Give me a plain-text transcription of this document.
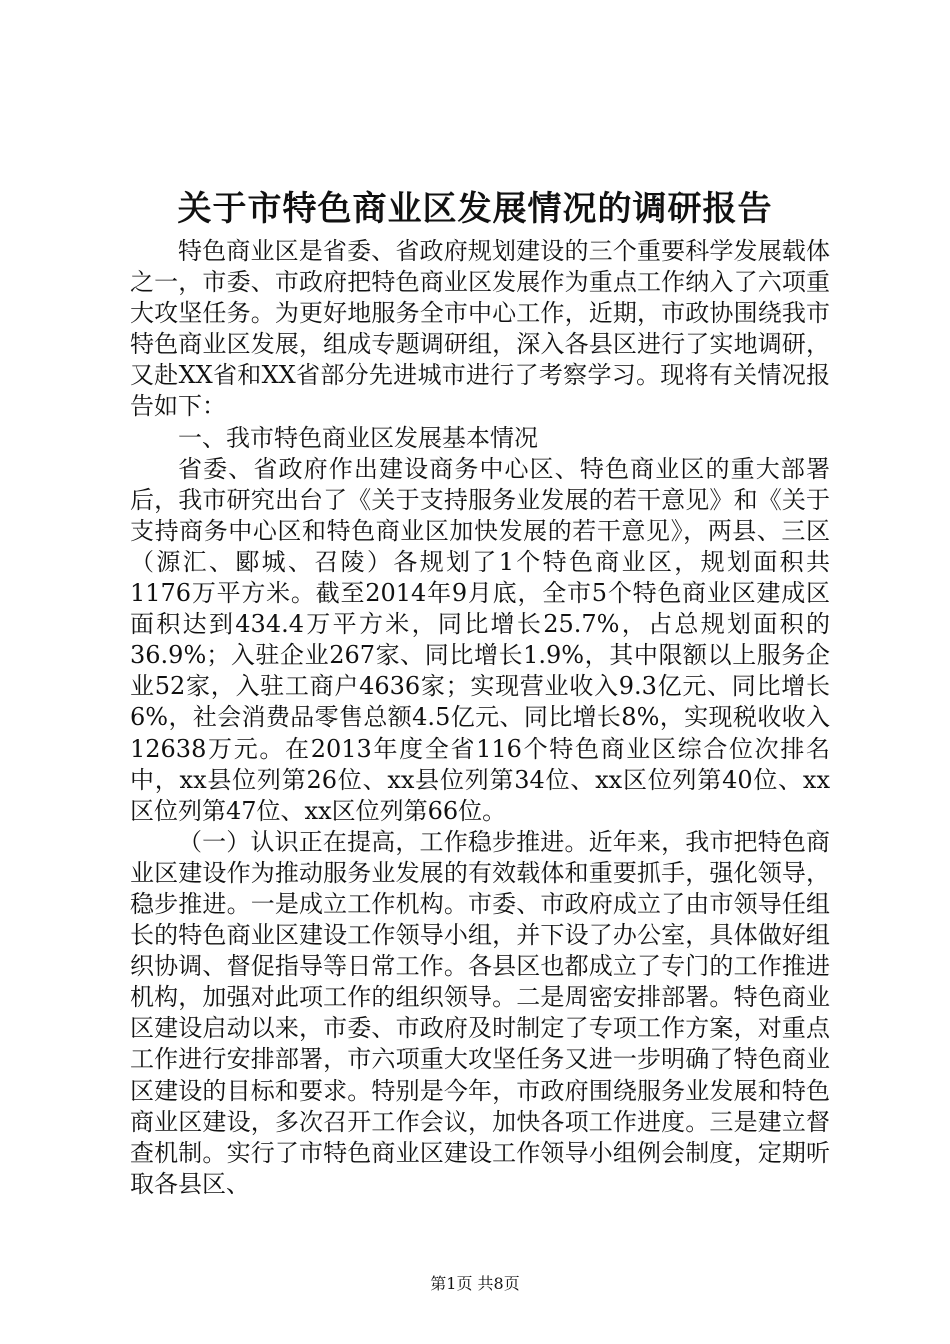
关于市特色商业区发展情况的调研报告

特色商业区是省委、省政府规划建设的三个重要科学发展载体之一，市委、市政府把特色商业区发展作为重点工作纳入了六项重大攻坚任务。为更好地服务全市中心工作，近期，市政协围绕我市特色商业区发展，组成专题调研组，深入各县区进行了实地调研，又赴XX省和XX省部分先进城市进行了考察学习。现将有关情况报告如下：

一、我市特色商业区发展基本情况

省委、省政府作出建设商务中心区、特色商业区的重大部署后，我市研究出台了《关于支持服务业发展的若干意见》和《关于支持商务中心区和特色商业区加快发展的若干意见》，两县、三区（源汇、郾城、召陵）各规划了1个特色商业区，规划面积共1176万平方米。截至2014年9月底，全市5个特色商业区建成区面积达到434.4万平方米，同比增长25.7%，占总规划面积的36.9%；入驻企业267家、同比增长1.9%，其中限额以上服务企业52家，入驻工商户4636家；实现营业收入9.3亿元、同比增长6%，社会消费品零售总额4.5亿元、同比增长8%，实现税收收入12638万元。在2013年度全省116个特色商业区综合位次排名中，xx县位列第26位、xx县位列第34位、xx区位列第40位、xx区位列第47位、xx区位列第66位。

（一）认识正在提高，工作稳步推进。近年来，我市把特色商业区建设作为推动服务业发展的有效载体和重要抓手，强化领导，稳步推进。一是成立工作机构。市委、市政府成立了由市领导任组长的特色商业区建设工作领导小组，并下设了办公室，具体做好组织协调、督促指导等日常工作。各县区也都成立了专门的工作推进机构，加强对此项工作的组织领导。二是周密安排部署。特色商业区建设启动以来，市委、市政府及时制定了专项工作方案，对重点工作进行安排部署，市六项重大攻坚任务又进一步明确了特色商业区建设的目标和要求。特别是今年，市政府围绕服务业发展和特色商业区建设，多次召开工作会议，加快各项工作进度。三是建立督查机制。实行了市特色商业区建设工作领导小组例会制度，定期听取各县区、

第1页 共8页
